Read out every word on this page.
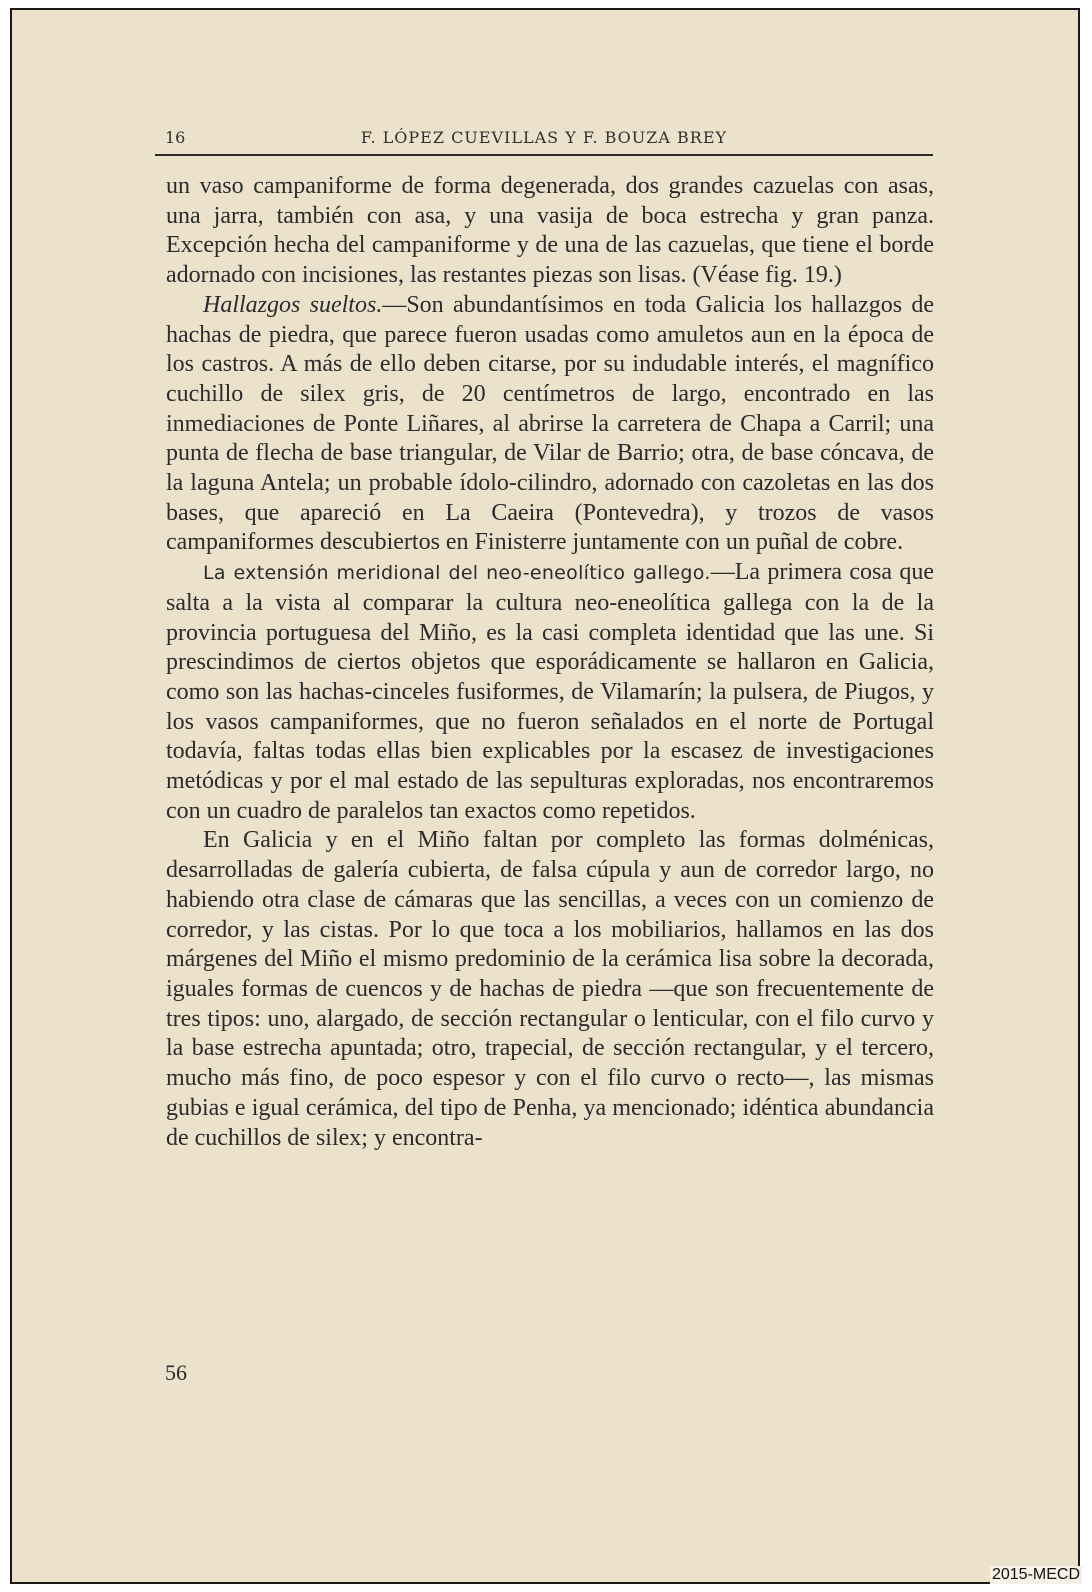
16	F. LÓPEZ CUEVILLAS Y F. BOUZA BREY

un vaso campaniforme de forma degenerada, dos grandes cazuelas con asas, una jarra, también con asa, y una vasija de boca estrecha y gran panza. Excepción hecha del campaniforme y de una de las cazuelas, que tiene el borde adornado con incisiones, las restantes piezas son lisas. (Véase fig. 19.)

Hallazgos sueltos.—Son abundantísimos en toda Galicia los hallazgos de hachas de piedra, que parece fueron usadas como amuletos aun en la época de los castros. A más de ello deben citarse, por su indudable interés, el magnífico cuchillo de silex gris, de 20 centímetros de largo, encontrado en las inmediaciones de Ponte Liñares, al abrirse la carretera de Chapa a Carril; una punta de flecha de base triangular, de Vilar de Barrio; otra, de base cóncava, de la laguna Antela; un probable ídolo-cilindro, adornado con cazoletas en las dos bases, que apareció en La Caeira (Pontevedra), y trozos de vasos campaniformes descubiertos en Finisterre juntamente con un puñal de cobre.

La extensión meridional del neo-eneolítico gallego.—La primera cosa que salta a la vista al comparar la cultura neo-eneolítica gallega con la de la provincia portuguesa del Miño, es la casi completa identidad que las une. Si prescindimos de ciertos objetos que esporádicamente se hallaron en Galicia, como son las hachas-cinceles fusiformes, de Vilamarín; la pulsera, de Piugos, y los vasos campaniformes, que no fueron señalados en el norte de Portugal todavía, faltas todas ellas bien explicables por la escasez de investigaciones metódicas y por el mal estado de las sepulturas exploradas, nos encontraremos con un cuadro de paralelos tan exactos como repetidos.

En Galicia y en el Miño faltan por completo las formas dolménicas, desarrolladas de galería cubierta, de falsa cúpula y aun de corredor largo, no habiendo otra clase de cámaras que las sencillas, a veces con un comienzo de corredor, y las cistas. Por lo que toca a los mobiliarios, hallamos en las dos márgenes del Miño el mismo predominio de la cerámica lisa sobre la decorada, iguales formas de cuencos y de hachas de piedra —que son frecuentemente de tres tipos: uno, alargado, de sección rectangular o lenticular, con el filo curvo y la base estrecha apuntada; otro, trapecial, de sección rectangular, y el tercero, mucho más fino, de poco espesor y con el filo curvo o recto—, las mismas gubias e igual cerámica, del tipo de Penha, ya mencionado; idéntica abundancia de cuchillos de silex; y encontra-

56
2015-MECD
